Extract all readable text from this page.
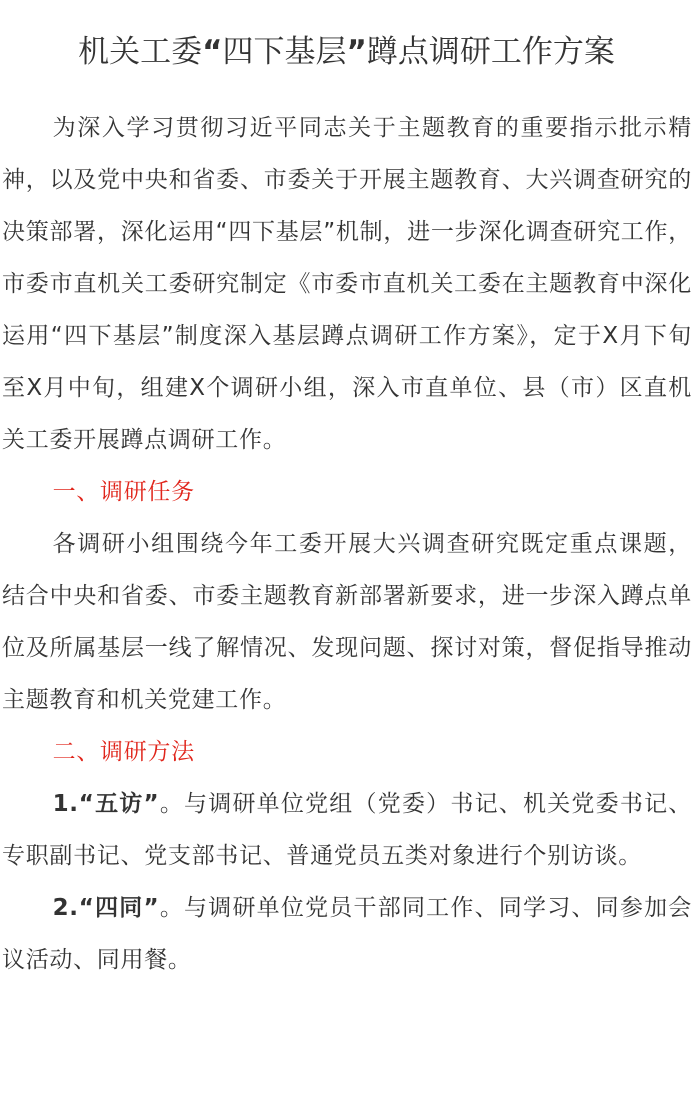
机关工委“四下基层”蹲点调研工作方案

为深入学习贯彻习近平同志关于主题教育的重要指示批示精神，以及党中央和省委、市委关于开展主题教育、大兴调查研究的决策部署，深化运用“四下基层”机制，进一步深化调查研究工作，市委市直机关工委研究制定《市委市直机关工委在主题教育中深化运用“四下基层”制度深入基层蹲点调研工作方案》，定于X月下旬至X月中旬，组建X个调研小组，深入市直单位、县（市）区直机关工委开展蹲点调研工作。

一、调研任务

各调研小组围绕今年工委开展大兴调查研究既定重点课题，结合中央和省委、市委主题教育新部署新要求，进一步深入蹲点单位及所属基层一线了解情况、发现问题、探讨对策，督促指导推动主题教育和机关党建工作。

二、调研方法

1.“五访”。与调研单位党组（党委）书记、机关党委书记、专职副书记、党支部书记、普通党员五类对象进行个别访谈。

2.“四同”。与调研单位党员干部同工作、同学习、同参加会议活动、同用餐。
